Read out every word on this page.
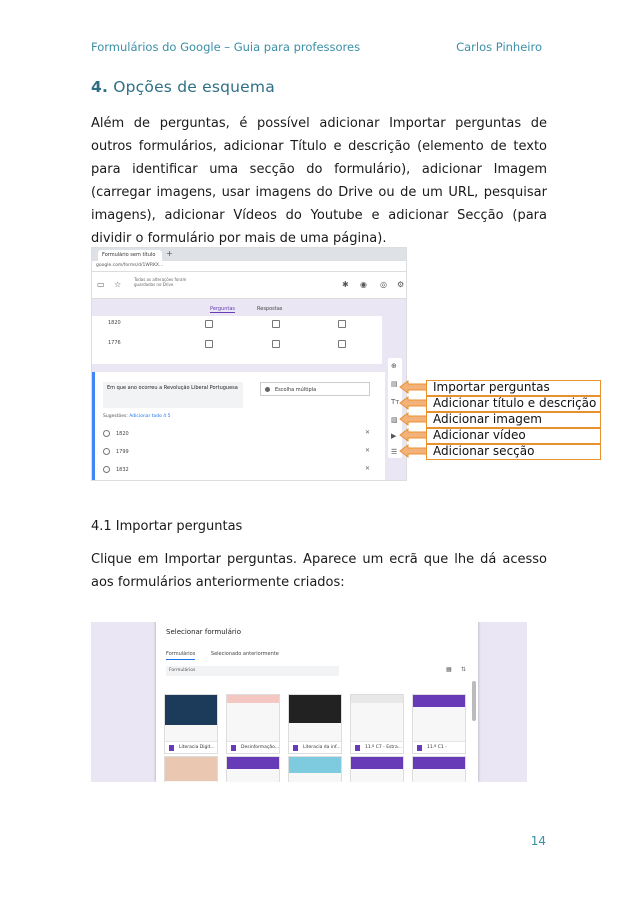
Formulários do Google – Guia para professores	Carlos Pinheiro
4. Opções de esquema

Além de perguntas, é possível adicionar Importar perguntas de outros formulários, adicionar Título e descrição (elemento de texto para identificar uma secção do formulário), adicionar Imagem (carregar imagens, usar imagens do Drive ou de um URL, pesquisar imagens), adicionar Vídeos do Youtube e adicionar Secção (para dividir o formulário por mais de uma página).

Formulário sem título	+
google.com/forms/d/1WRKX...
▭ ☆
Todas as alterações foram guardadas no Drive	✱ ◉ ◎ ⚙
Perguntas	Respostas
1820
1776
Em que ano ocorreu a Revolução Liberal Portuguesa	Escolha múltipla
Sugestões: Adicionar todo 4 5
1820	✕
1799	✕
1832	✕
⊕
▤
Tт
▨
▶
☰
Importar perguntas
Adicionar título e descrição
Adicionar imagem
Adicionar vídeo
Adicionar secção

4.1 Importar perguntas

Clique em Importar perguntas. Aparece um ecrã que lhe dá acesso aos formulários anteriormente criados:

Selecionar formulário
Formulários	Selecionado anteriormente
Formulários	▦ ⇅
Literacia Digit...	Desinformação...	Literacia da inf...	11.º C7 - Estra...	11.º C1 -
14
